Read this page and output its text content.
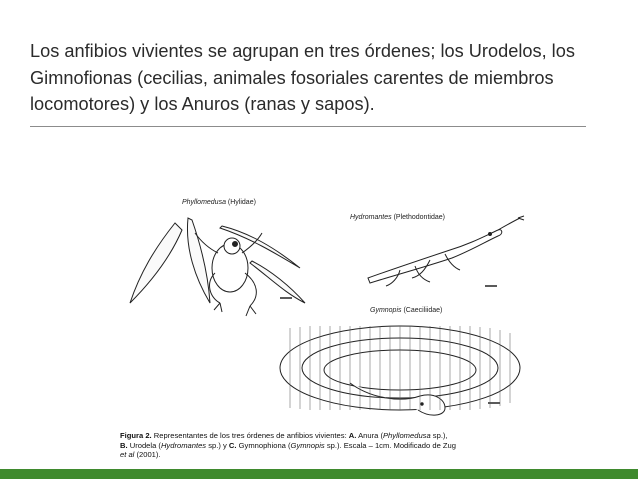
Los anfibios vivientes se agrupan en tres órdenes; los Urodelos, los Gimnofionas (cecilias, animales fosoriales carentes de miembros locomotores) y los Anuros (ranas y sapos).

Phyllomedusa (Hylidae)
Hydromantes (Plethodontidae)
Gymnopis (Caeciliidae)
Figura 2. Representantes de los tres órdenes de anfibios vivientes: A. Anura (Phyllomedusa sp.),
B. Urodela (Hydromantes sp.) y C. Gymnophiona (Gymnopis sp.). Escala – 1cm. Modificado de Zug
et al (2001).
